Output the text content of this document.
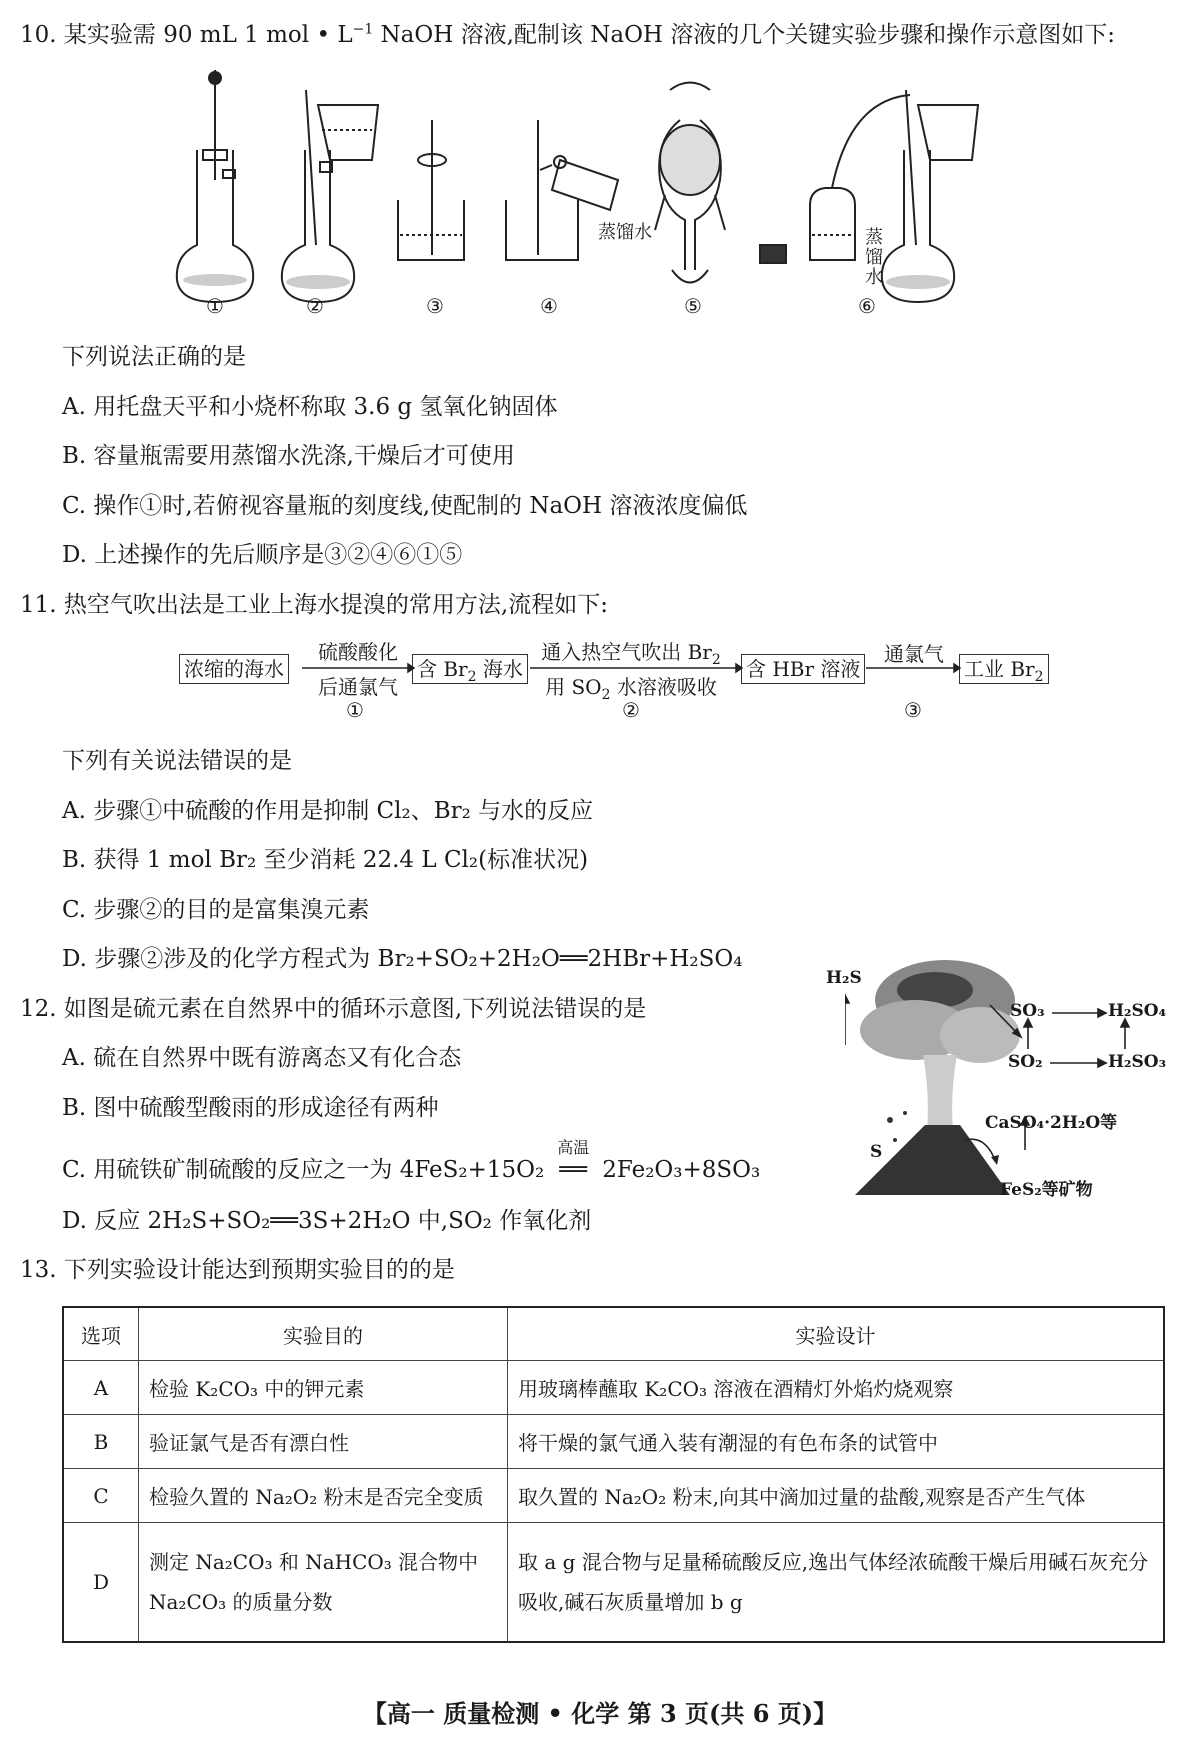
10. 某实验需 90 mL 1 mol • $L^{-1}$ NaOH 溶液,配制该 NaOH 溶液的几个关键实验步骤和操作示意图如下:
蒸馏水	蒸
馏
水
①	②	③	④	⑤	⑥
下列说法正确的是
A. 用托盘天平和小烧杯称取 3.6 g 氢氧化钠固体
B. 容量瓶需要用蒸馏水洗涤,干燥后才可使用
C. 操作①时,若俯视容量瓶的刻度线,使配制的 NaOH 溶液浓度偏低
D. 上述操作的先后顺序是③②④⑥①⑤
11. 热空气吹出法是工业上海水提溴的常用方法,流程如下:
浓缩的海水
硫酸酸化
后通氯气
①
含 $Br_2$ 海水
通入热空气吹出 $Br_2$
用 $SO_2$ 水溶液吸收
②
含 HBr 溶液
通氯气
③
工业 $Br_2$
下列有关说法错误的是
A. 步骤①中硫酸的作用是抑制 Cl₂、Br₂ 与水的反应
B. 获得 1 mol Br₂ 至少消耗 22.4 L Cl₂(标准状况)
C. 步骤②的目的是富集溴元素
D. 步骤②涉及的化学方程式为 Br₂+SO₂+2H₂O══2HBr+H₂SO₄
12. 如图是硫元素在自然界中的循环示意图,下列说法错误的是
A. 硫在自然界中既有游离态又有化合态
B. 图中硫酸型酸雨的形成途径有两种
C. 用硫铁矿制硫酸的反应之一为 4FeS₂+15O₂
高温
══ 2Fe₂O₃+8SO₃
D. 反应 2H₂S+SO₂══3S+2H₂O 中,SO₂ 作氧化剂
H₂S
SO₃	H₂SO₄
SO₂	H₂SO₃
CaSO₄·2H₂O等
S
FeS₂等矿物
13. 下列实验设计能达到预期实验目的的是
选项	实验目的	实验设计
A	检验 K₂CO₃ 中的钾元素	用玻璃棒蘸取 K₂CO₃ 溶液在酒精灯外焰灼烧观察
B	验证氯气是否有漂白性	将干燥的氯气通入装有潮湿的有色布条的试管中
C	检验久置的 Na₂O₂ 粉末是否完全变质	取久置的 Na₂O₂ 粉末,向其中滴加过量的盐酸,观察是否产生气体
D	测定 Na₂CO₃ 和 NaHCO₃ 混合物中 Na₂CO₃ 的质量分数	取 a g 混合物与足量稀硫酸反应,逸出气体经浓硫酸干燥后用碱石灰充分吸收,碱石灰质量增加 b g
【高一 质量检测 • 化学 第 3 页(共 6 页)】
